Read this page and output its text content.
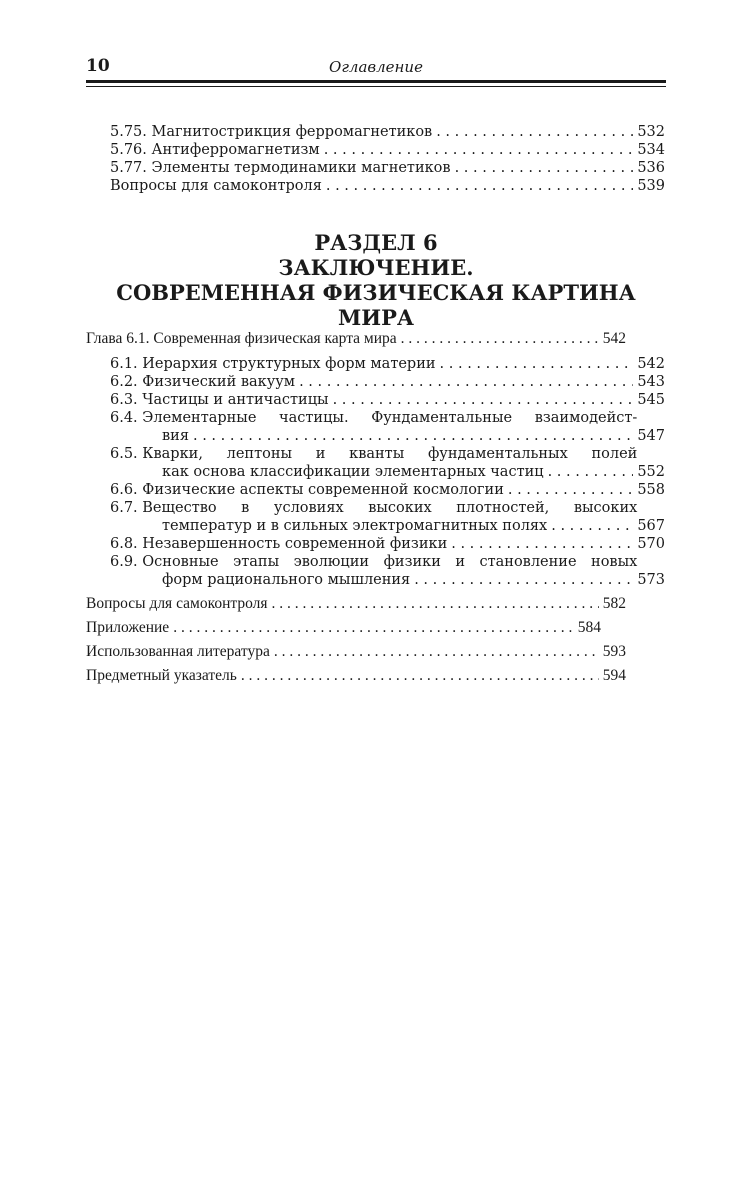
10	Оглавление
5.75.
Магнитострикция ферромагнетиков . . .	532
5.76.
Антиферромагнетизм . . .	534
5.77.
Элементы термодинамики магнетиков . . .	536
Вопросы для самоконтроля . . .	539
РАЗДЕЛ 6
ЗАКЛЮЧЕНИЕ.
СОВРЕМЕННАЯ ФИЗИЧЕСКАЯ КАРТИНА МИРА
Глава 6.1. Современная физическая карта мира . . .	542
6.1.
Иерархия структурных форм материи . . .	542
6.2.
Физический вакуум . . .	543
6.3.
Частицы и античастицы . . .	545
6.4.
Элементарные частицы. Фундаментальные взаимодейст-
вия . . .	547
6.5.
Кварки, лептоны и кванты фундаментальных полей
как основа классификации элементарных частиц . . .	552
6.6.
Физические аспекты современной космологии . . .	558
6.7.
Вещество в условиях высоких плотностей, высоких
температур и в сильных электромагнитных полях . . .	567
6.8.
Незавершенность современной физики . . .	570
6.9.
Основные этапы эволюции физики и становление новых
форм рационального мышления . . .	573
Вопросы для самоконтроля . . .	582
Приложение . . .	584
Использованная литература . . .	593
Предметный указатель . . .	594
